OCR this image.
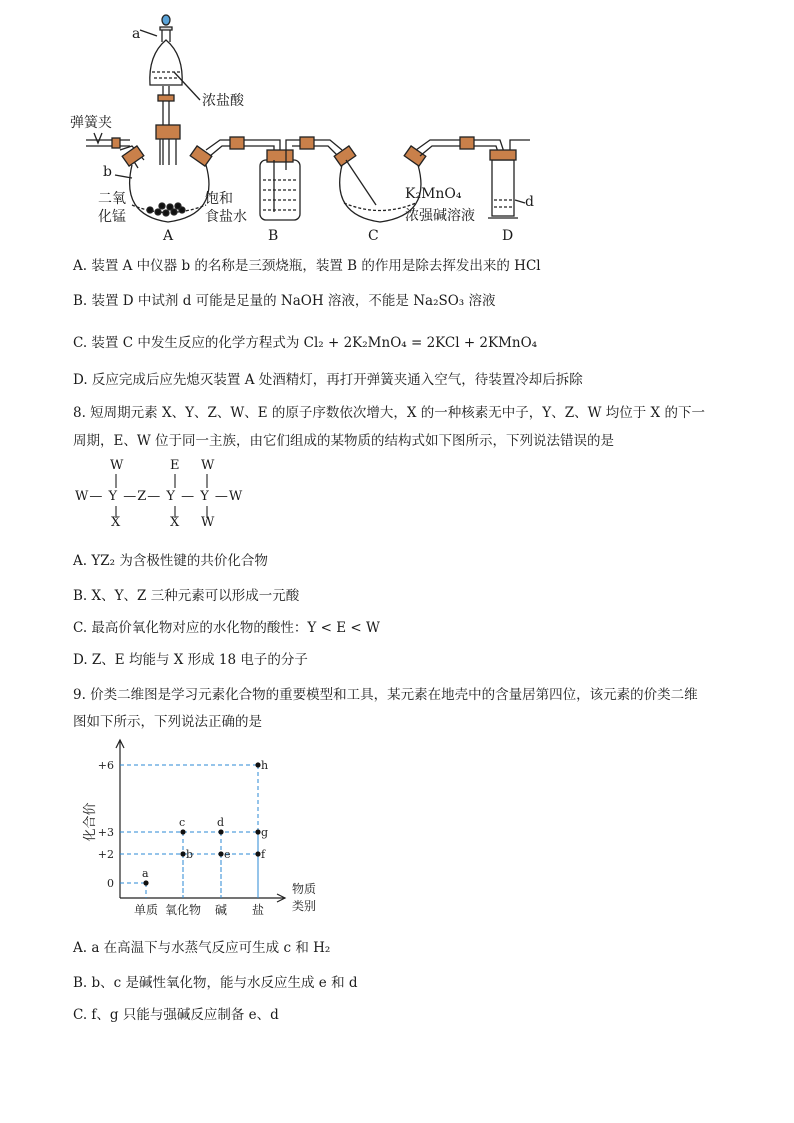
a
浓盐酸
弹簧夹
b
二氧
化锰
饱和
食盐水
K₂MnO₄
浓强碱溶液
d
A	B	C	D
A. 装置 A 中仪器 b 的名称是三颈烧瓶，装置 B 的作用是除去挥发出来的 HCl
B. 装置 D 中试剂 d 可能是足量的 NaOH 溶液，不能是 Na₂SO₃ 溶液
C. 装置 C 中发生反应的化学方程式为 Cl₂ + 2K₂MnO₄ = 2KCl + 2KMnO₄
D. 反应完成后应先熄灭装置 A 处酒精灯，再打开弹簧夹通入空气，待装置冷却后拆除
8. 短周期元素 X、Y、Z、W、E 的原子序数依次增大，X 的一种核素无中子，Y、Z、W 均位于 X 的下一
周期，E、W 位于同一主族，由它们组成的某物质的结构式如下图所示，下列说法错误的是
W	E W
W— Y —Z— Y — Y —W
X	X W
A. YZ₂ 为含极性键的共价化合物
B. X、Y、Z 三种元素可以形成一元酸
C. 最高价氧化物对应的水化物的酸性：Y < E < W
D. Z、E 均能与 X 形成 18 电子的分子
9. 价类二维图是学习元素化合物的重要模型和工具，某元素在地壳中的含量居第四位，该元素的价类二维
图如下所示，下列说法正确的是
0
+2
+3
+6
a
b
c	d
e	f
g
h
单质 氧化物 碱 盐
化合价
物质
类别
A. a 在高温下与水蒸气反应可生成 c 和 H₂
B. b、c 是碱性氧化物，能与水反应生成 e 和 d
C. f、g 只能与强碱反应制备 e、d
